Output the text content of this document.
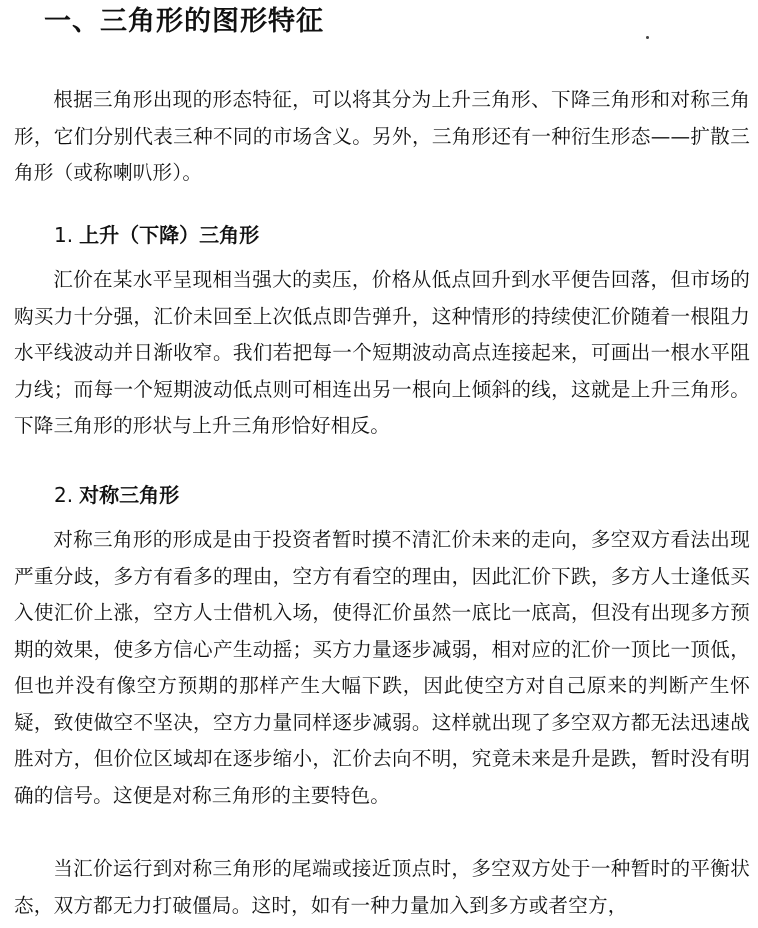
一、三角形的图形特征

根据三角形出现的形态特征，可以将其分为上升三角形、下降三角形和对称三角形，它们分别代表三种不同的市场含义。另外，三角形还有一种衍生形态——扩散三角形（或称喇叭形）。

1. 上升（下降）三角形

汇价在某水平呈现相当强大的卖压，价格从低点回升到水平便告回落，但市场的购买力十分强，汇价未回至上次低点即告弹升，这种情形的持续使汇价随着一根阻力水平线波动并日渐收窄。我们若把每一个短期波动高点连接起来，可画出一根水平阻力线；而每一个短期波动低点则可相连出另一根向上倾斜的线，这就是上升三角形。下降三角形的形状与上升三角形恰好相反。

2. 对称三角形

对称三角形的形成是由于投资者暂时摸不清汇价未来的走向，多空双方看法出现严重分歧，多方有看多的理由，空方有看空的理由，因此汇价下跌，多方人士逢低买入使汇价上涨，空方人士借机入场，使得汇价虽然一底比一底高，但没有出现多方预期的效果，使多方信心产生动摇；买方力量逐步减弱，相对应的汇价一顶比一顶低，但也并没有像空方预期的那样产生大幅下跌，因此使空方对自己原来的判断产生怀疑，致使做空不坚决，空方力量同样逐步减弱。这样就出现了多空双方都无法迅速战胜对方，但价位区域却在逐步缩小，汇价去向不明，究竟未来是升是跌，暂时没有明确的信号。这便是对称三角形的主要特色。

当汇价运行到对称三角形的尾端或接近顶点时，多空双方处于一种暂时的平衡状态，双方都无力打破僵局。这时，如有一种力量加入到多方或者空方，
